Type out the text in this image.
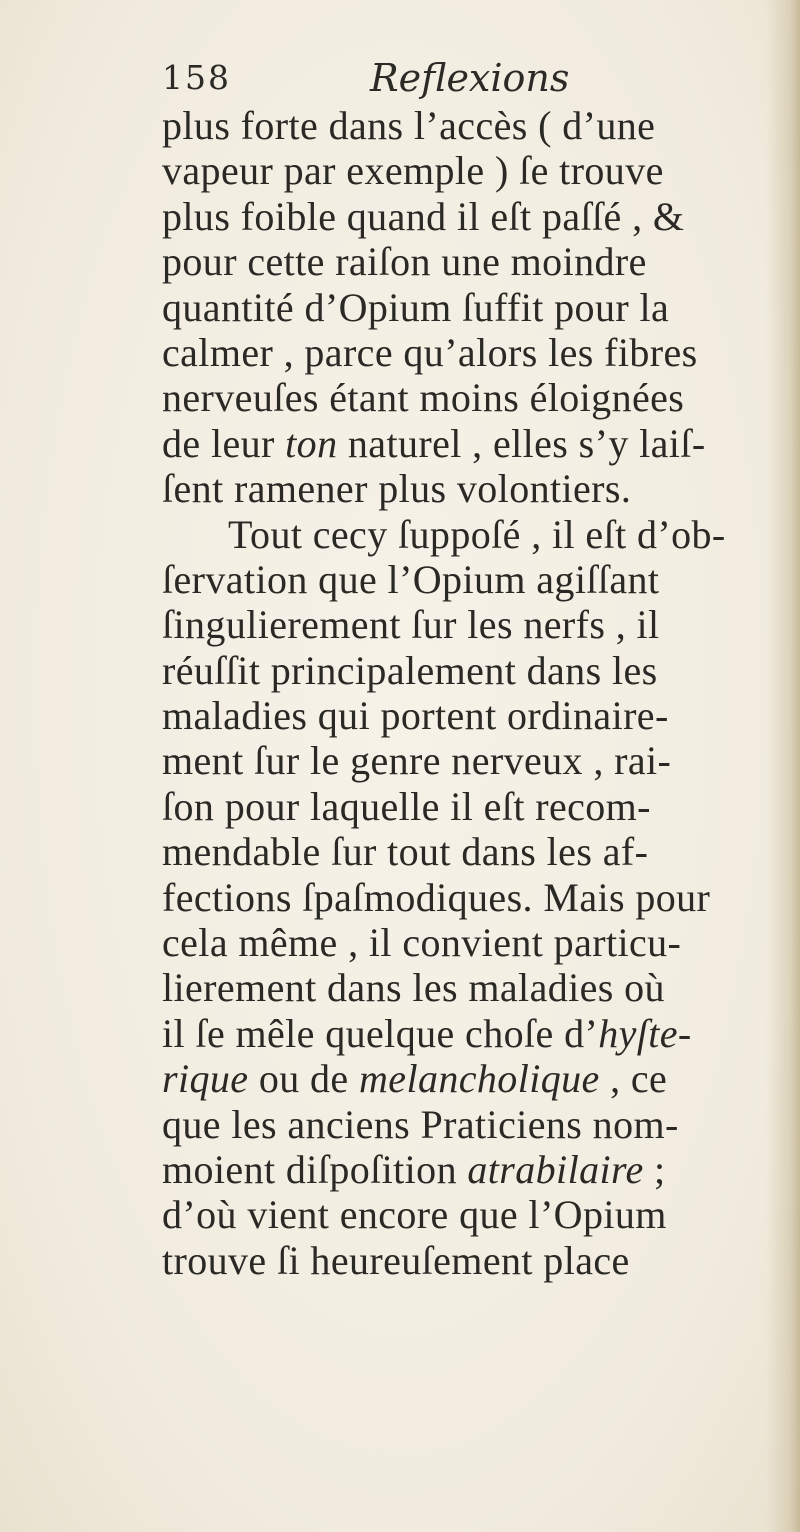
158	Reflexions
plus forte dans l’accès ( d’une
vapeur par exemple ) ſe trouve
plus foible quand il eſt paſſé , &
pour cette raiſon une moindre
quantité d’Opium ſuffit pour la
calmer , parce qu’alors les fibres
nerveuſes étant moins éloignées
de leur ton naturel , elles s’y laiſ-
ſent ramener plus volontiers.
Tout cecy ſuppoſé , il eſt d’ob-
ſervation que l’Opium agiſſant
ſingulierement ſur les nerfs , il
réuſſit principalement dans les
maladies qui portent ordinaire-
ment ſur le genre nerveux , rai-
ſon pour laquelle il eſt recom-
mendable ſur tout dans les af-
fections ſpaſmodiques. Mais pour
cela même , il convient particu-
lierement dans les maladies où
il ſe mêle quelque choſe d’hyſte-
rique ou de melancholique , ce
que les anciens Praticiens nom-
moient diſpoſition atrabilaire ;
d’où vient encore que l’Opium
trouve ſi heureuſement place
